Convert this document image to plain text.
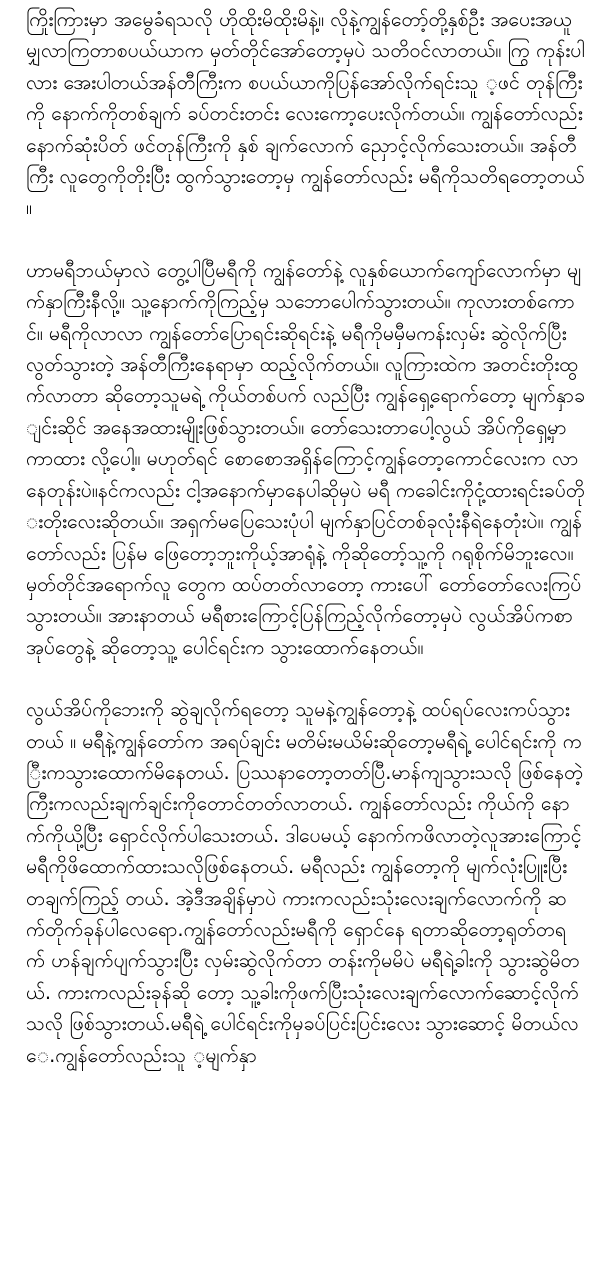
ကြိုးကြားမှာ အမွေခံရသလို ဟိုထိုးမိထိုးမိနဲ့။ လိုနဲ့ကျွန်တော့်တို့နှစ်ဦး အပေးအယူ မျှလာကြတာစပယ်ယာက မှတ်တိုင်အော်တော့မှပဲ သတိဝင်လာတယ်။ ကြွ ကုန်းပါလား အေးပါတယ်အန်တီကြီးက စပယ်ယာကိုပြန်အော်လိုက်ရင်းသူ ့ဖင် တုန်ကြီးကို နောက်ကိုတစ်ချက် ခပ်တင်းတင်း လေးကော့ပေးလိုက်တယ်။ ကျွန်တော်လည်း နောက်ဆုံးပိတ် ဖင်တုန်ကြီးကို နှစ် ချက်လောက် ညှောင့်လိုက်သေးတယ်။ အန်တီကြီး လူတွေကိုတိုးပြီး ထွက်သွားတော့မှ ကျွန်တော်လည်း မရီကိုသတိရတော့တယ်။

ဟာမရီဘယ်မှာလဲ တွေ့ပါပြီမရီကို ကျွန်တော်နဲ့ လူနှစ်ယောက်ကျော်လောက်မှာ မျက်နှာကြီးနီလို့။ သူ့နောက်ကိုကြည့်မှ သဘောပေါက်သွားတယ်။ ကုလားတစ်ကောင်။ မရီကိုလာလာ ကျွန်တော်ပြောရင်းဆိုရင်းနဲ့ မရီကိုမမှီမကန်းလှမ်း ဆွဲလိုက်ပြီး လွတ်သွားတဲ့ အန်တီကြီးနေရာမှာ ထည့်လိုက်တယ်။ လူကြားထဲက အတင်းတိုးထွက်လာတာ ဆိုတော့သူမရဲ့ ကိုယ်တစ်ပက် လည်ပြီး ကျွန်ရှေ့ရောက်တော့ မျက်နှာချင်းဆိုင် အနေအထားမျိုးဖြစ်သွားတယ်။ တော်သေးတာပေါ့လွယ် အိပ်ကိုရှေ့မှာကာထား လို့ပေါ့။ မဟုတ်ရင် စောစောအရှိန်ကြောင့်ကျွန်တော့ကောင်လေးက လာနေတုန်းပဲ။နင်ကလည်း ငါ့အနောက်မှာနေပါဆိုမှပဲ မရီ ကခေါင်းကိုငုံ့ထားရင်းခပ်တိုးတိုးလေးဆိုတယ်။ အရှက်မပြေသေးပုံပါ မျက်နှာပြင်တစ်ခုလုံးနီရဲနေတုံးပဲ။ ကျွန်တော်လည်း ပြန်မ ဖြေတော့ဘူးကိုယ့်အာရုံနဲ့ ကိုဆိုတော့်သူ့ကို ဂရုစိုက်မိဘူးလေ။ မှတ်တိုင်အရောက်လူ တွေက ထပ်တတ်လာတော့ ကားပေါ် တော်တော်လေးကြပ်သွားတယ်။ အားနာတယ် မရီစားကြောင့်ပြန်ကြည့်လိုက်တော့မှပဲ လွယ်အိပ်ကစာအုပ်တွေနဲ့ ဆိုတော့သူ့ ပေါင်ရင်းက သွားထောက်နေတယ်။

လွယ်အိပ်ကိုဘေးကို ဆွဲချလိုက်ရတော့ သူမနဲ့ကျွန်တော့နဲ့ ထပ်ရပ်လေးကပ်သွားတယ် ။ မရီနဲ့ကျွန်တော်က အရပ်ချင်း မတိမ်းမယိမ်းဆိုတော့မရီရဲ့ ပေါင်ရင်းကို ကြီးကသွားထောက်မိနေတယ်. ပြဿနာတော့တတ်ပြီ.မာန်ကျသွားသလို ဖြစ်နေတဲ့ ကြီးကလည်းချက်ချင်းကိုတောင်တတ်လာတယ်. ကျွန်တော်လည်း ကိုယ်ကို နောက်ကိုယို့ပြီး ရှောင်လိုက်ပါသေးတယ်. ဒါပေမယ့် နောက်ကဖိလာတဲ့လူအားကြောင့်မရီကိုဖိထောက်ထားသလိုဖြစ်နေတယ်. မရီလည်း ကျွန်တော့ကို မျက်လုံးပြူးပြီး တချက်ကြည့် တယ်. အဲ့ဒီအချိန်မှာပဲ ကားကလည်းသုံးလေးချက်လောက်ကို ဆက်တိုက်ခုန်ပါလေရော.ကျွန်တော်လည်းမရီကို ရှောင်နေ ရတာဆိုတော့ရုတ်တရက် ဟန်ချက်ပျက်သွားပြီး လှမ်းဆွဲလိုက်တာ တန်းကိုမမိပဲ မရီရဲ့ခါးကို သွားဆွဲမိတယ်. ကားကလည်းခုန်ဆို တော့ သူ့ခါးကိုဖက်ပြီးသုံးလေးချက်လောက်ဆောင့်လိုက်သလို ဖြစ်သွားတယ်.မရီရဲ့ ပေါင်ရင်းကိုမှခပ်ပြင်းပြင်းလေး သွားဆောင့် မိတယ်လေ.ကျွန်တော်လည်းသူ ့မျက်နှာ
